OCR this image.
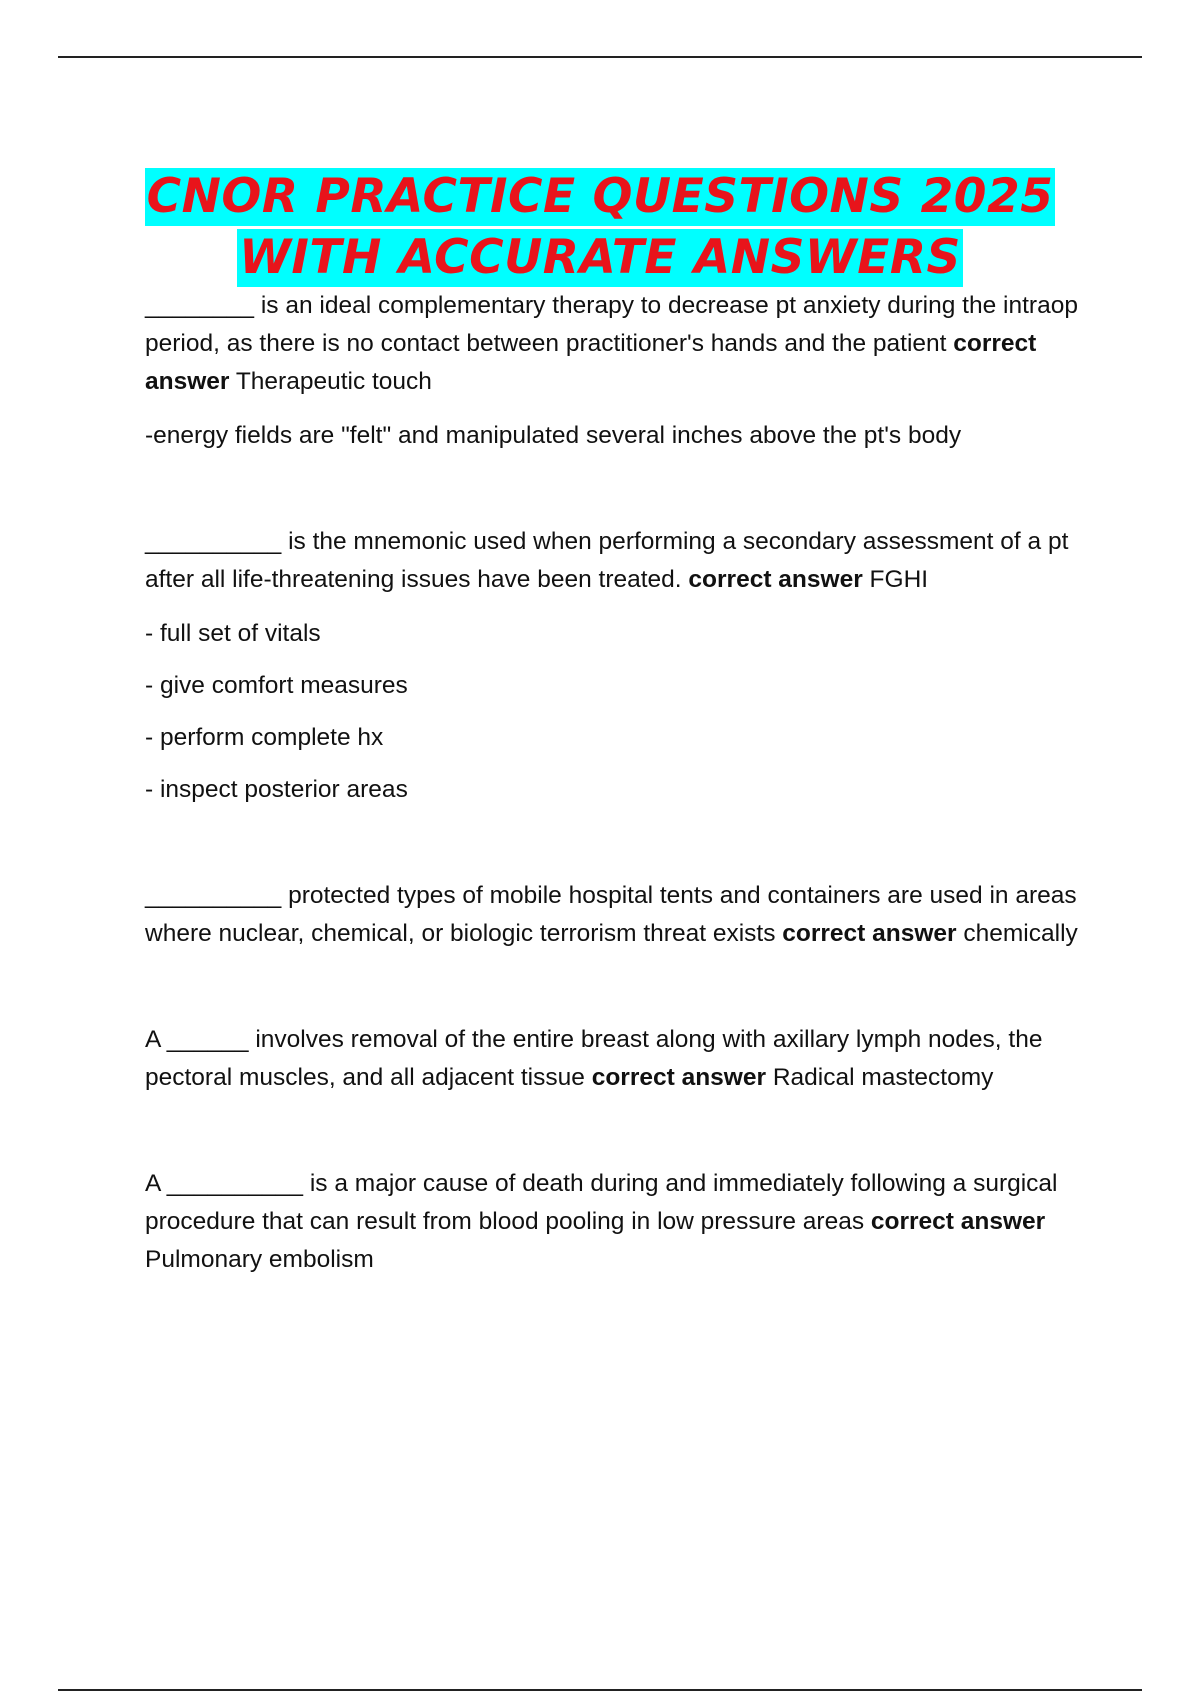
CNOR PRACTICE QUESTIONS 2025
WITH ACCURATE ANSWERS

________ is an ideal complementary therapy to decrease pt anxiety during the intraop period, as there is no contact between practitioner's hands and the patient correct answer Therapeutic touch

-energy fields are "felt" and manipulated several inches above the pt's body

__________ is the mnemonic used when performing a secondary assessment of a pt after all life-threatening issues have been treated. correct answer FGHI

- full set of vitals

- give comfort measures

- perform complete hx

- inspect posterior areas

__________ protected types of mobile hospital tents and containers are used in areas where nuclear, chemical, or biologic terrorism threat exists correct answer chemically

A ______ involves removal of the entire breast along with axillary lymph nodes, the pectoral muscles, and all adjacent tissue correct answer Radical mastectomy

A __________ is a major cause of death during and immediately following a surgical procedure that can result from blood pooling in low pressure areas correct answer Pulmonary embolism
